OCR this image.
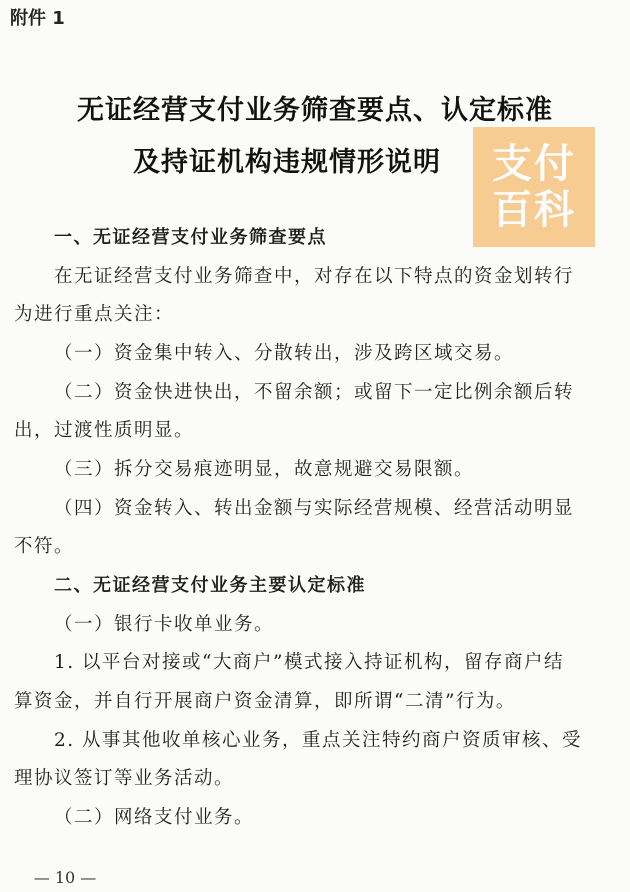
附件 1
无证经营支付业务筛查要点、认定标准
及持证机构违规情形说明	支付
百科
一、无证经营支付业务筛查要点
在无证经营支付业务筛查中，对存在以下特点的资金划转行
为进行重点关注：
（一）资金集中转入、分散转出，涉及跨区域交易。
（二）资金快进快出，不留余额；或留下一定比例余额后转
出，过渡性质明显。
（三）拆分交易痕迹明显，故意规避交易限额。
（四）资金转入、转出金额与实际经营规模、经营活动明显
不符。
二、无证经营支付业务主要认定标准
（一）银行卡收单业务。
1. 以平台对接或“大商户”模式接入持证机构，留存商户结
算资金，并自行开展商户资金清算，即所谓“二清”行为。
2. 从事其他收单核心业务，重点关注特约商户资质审核、受
理协议签订等业务活动。
（二）网络支付业务。
— 10 —
